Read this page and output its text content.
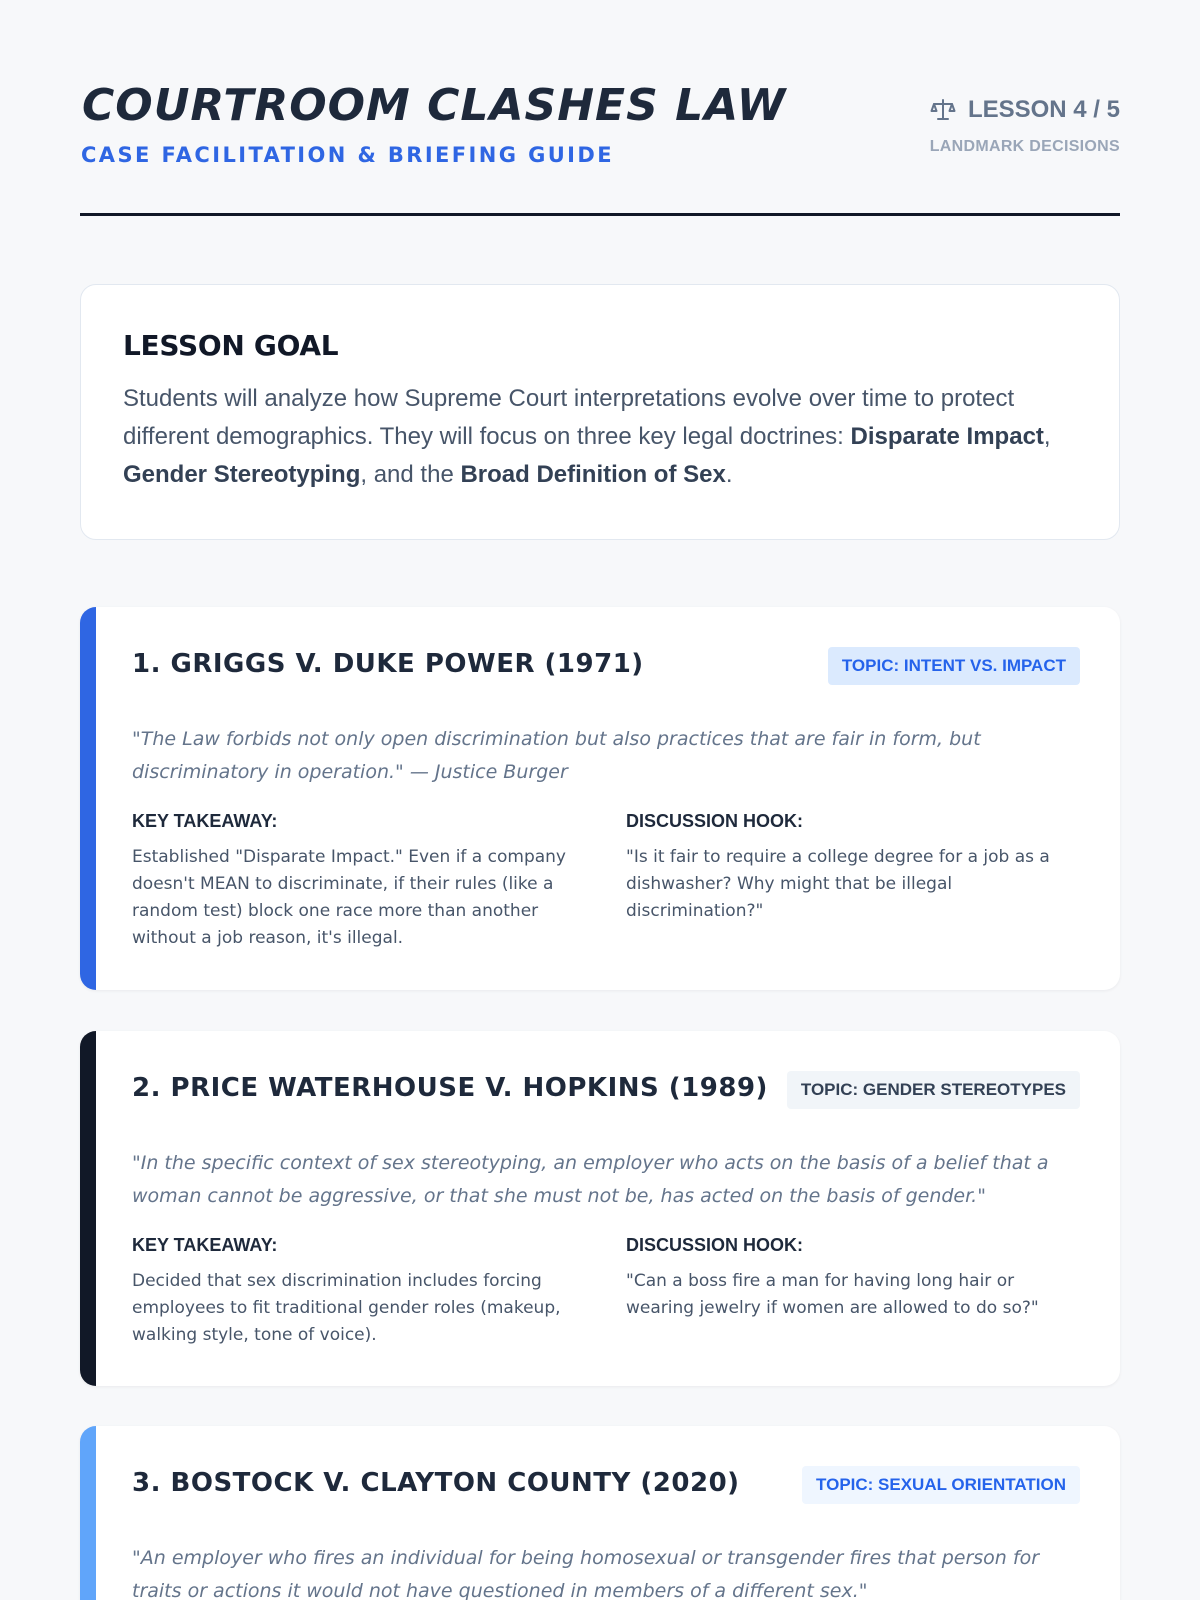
COURTROOM CLASHES LAW
CASE FACILITATION & BRIEFING GUIDE
LESSON 4 / 5
LANDMARK DECISIONS
LESSON GOAL

Students will analyze how Supreme Court interpretations evolve over time to protect different demographics. They will focus on three key legal doctrines: Disparate Impact, Gender Stereotyping, and the Broad Definition of Sex.

1. GRIGGS V. DUKE POWER (1971)	TOPIC: INTENT VS. IMPACT

"The Law forbids not only open discrimination but also practices that are fair in form, but discriminatory in operation." — Justice Burger

KEY TAKEAWAY:

Established "Disparate Impact." Even if a company doesn't MEAN to discriminate, if their rules (like a random test) block one race more than another without a job reason, it's illegal.

DISCUSSION HOOK:

"Is it fair to require a college degree for a job as a dishwasher? Why might that be illegal discrimination?"

2. PRICE WATERHOUSE V. HOPKINS (1989)	TOPIC: GENDER STEREOTYPES

"In the specific context of sex stereotyping, an employer who acts on the basis of a belief that a woman cannot be aggressive, or that she must not be, has acted on the basis of gender."

KEY TAKEAWAY:

Decided that sex discrimination includes forcing employees to fit traditional gender roles (makeup, walking style, tone of voice).

DISCUSSION HOOK:

"Can a boss fire a man for having long hair or wearing jewelry if women are allowed to do so?"

3. BOSTOCK V. CLAYTON COUNTY (2020)	TOPIC: SEXUAL ORIENTATION

"An employer who fires an individual for being homosexual or transgender fires that person for traits or actions it would not have questioned in members of a different sex."
